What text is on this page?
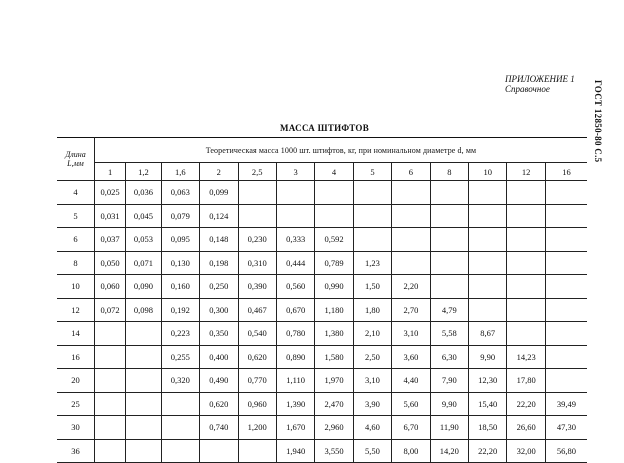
ПРИЛОЖЕНИЕ 1
Справочное	ГОСТ 12850-80 С.5
МАССА ШТИФТОВ
Длина L,мм	Теоретическая масса 1000 шт. штифтов, кг, при номинальном диаметре d, мм												
	1	1,2	1,6	2	2,5	3	4	5	6	8	10	12	16
4	0,025	0,036	0,063	0,099									
5	0,031	0,045	0,079	0,124									
6	0,037	0,053	0,095	0,148	0,230	0,333	0,592						
8	0,050	0,071	0,130	0,198	0,310	0,444	0,789	1,23					
10	0,060	0,090	0,160	0,250	0,390	0,560	0,990	1,50	2,20				
12	0,072	0,098	0,192	0,300	0,467	0,670	1,180	1,80	2,70	4,79			
14			0,223	0,350	0,540	0,780	1,380	2,10	3,10	5,58	8,67		
16			0,255	0,400	0,620	0,890	1,580	2,50	3,60	6,30	9,90	14,23	
20			0,320	0,490	0,770	1,110	1,970	3,10	4,40	7,90	12,30	17,80	
25				0,620	0,960	1,390	2,470	3,90	5,60	9,90	15,40	22,20	39,49
30				0,740	1,200	1,670	2,960	4,60	6,70	11,90	18,50	26,60	47,30
36						1,940	3,550	5,50	8,00	14,20	22,20	32,00	56,80
